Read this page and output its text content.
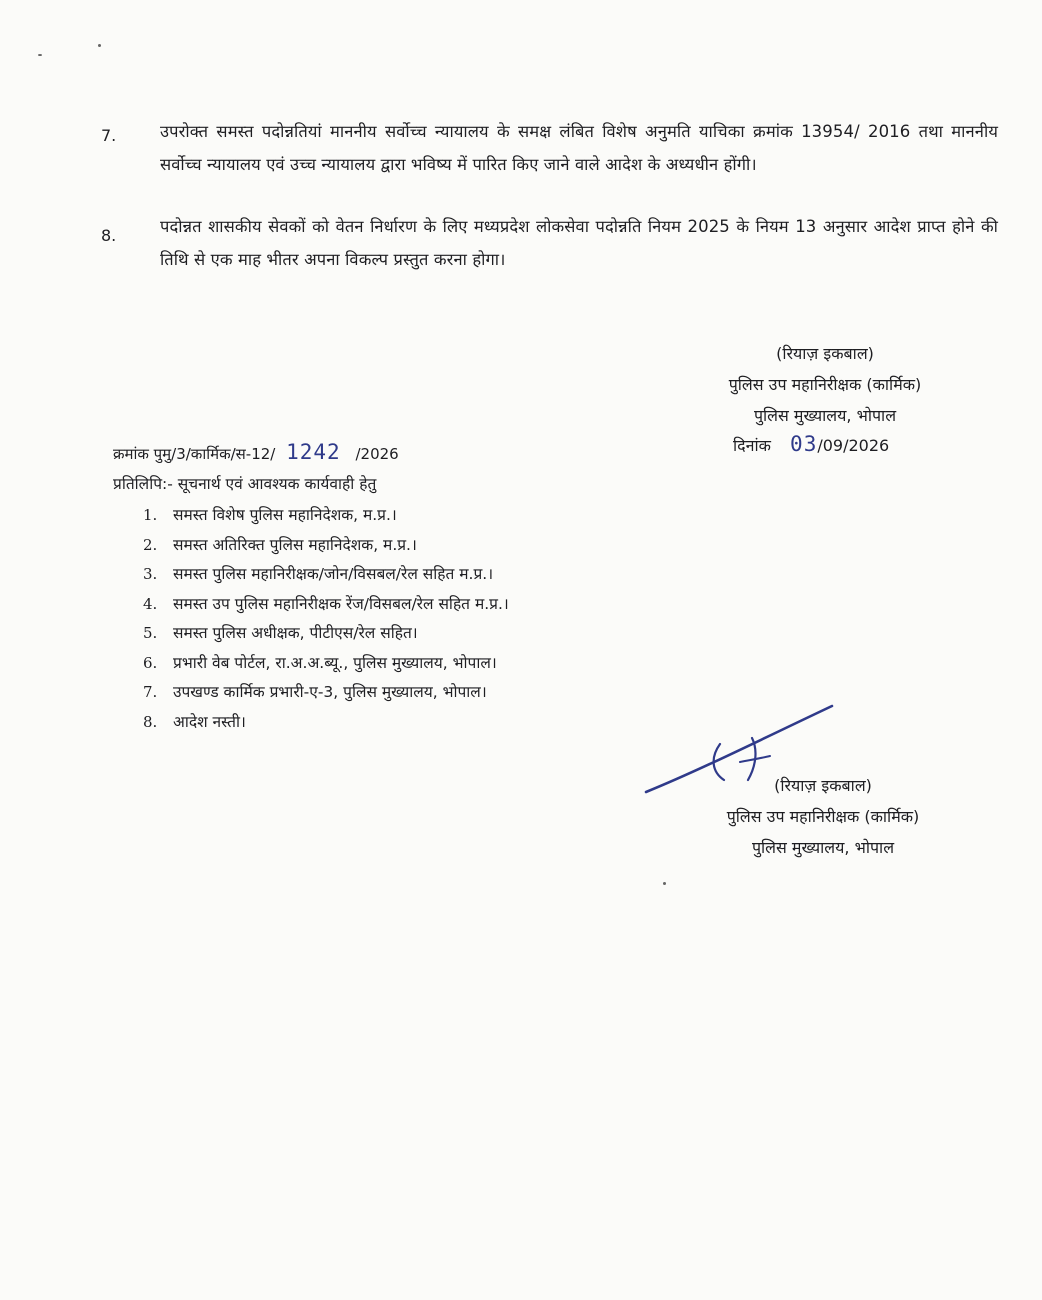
7.	उपरोक्त समस्त पदोन्नतियां माननीय सर्वोच्च न्यायालय के समक्ष लंबित विशेष अनुमति याचिका क्रमांक 13954/ 2016 तथा माननीय सर्वोच्च न्यायालय एवं उच्च न्यायालय द्वारा भविष्य में पारित किए जाने वाले आदेश के अध्यधीन होंगी।
8.	पदोन्नत शासकीय सेवकों को वेतन निर्धारण के लिए मध्यप्रदेश लोकसेवा पदोन्नति नियम 2025 के नियम 13 अनुसार आदेश प्राप्त होने की तिथि से एक माह भीतर अपना विकल्प प्रस्तुत करना होगा।
(रियाज़ इकबाल)
पुलिस उप महानिरीक्षक (कार्मिक)
पुलिस मुख्यालय, भोपाल
दिनांक 03/09/2026
क्रमांक पुमु/3/कार्मिक/स-12/ 1242 /2026
प्रतिलिपि:- सूचनार्थ एवं आवश्यक कार्यवाही हेतु
1. समस्त विशेष पुलिस महानिदेशक, म.प्र.।
2. समस्त अतिरिक्त पुलिस महानिदेशक, म.प्र.।
3. समस्त पुलिस महानिरीक्षक/जोन/विसबल/रेल सहित म.प्र.।
4. समस्त उप पुलिस महानिरीक्षक रेंज/विसबल/रेल सहित म.प्र.।
5. समस्त पुलिस अधीक्षक, पीटीएस/रेल सहित।
6. प्रभारी वेब पोर्टल, रा.अ.अ.ब्यू., पुलिस मुख्यालय, भोपाल।
7. उपखण्ड कार्मिक प्रभारी-ए-3, पुलिस मुख्यालय, भोपाल।
8. आदेश नस्ती।
(रियाज़ इकबाल)
पुलिस उप महानिरीक्षक (कार्मिक)
पुलिस मुख्यालय, भोपाल
